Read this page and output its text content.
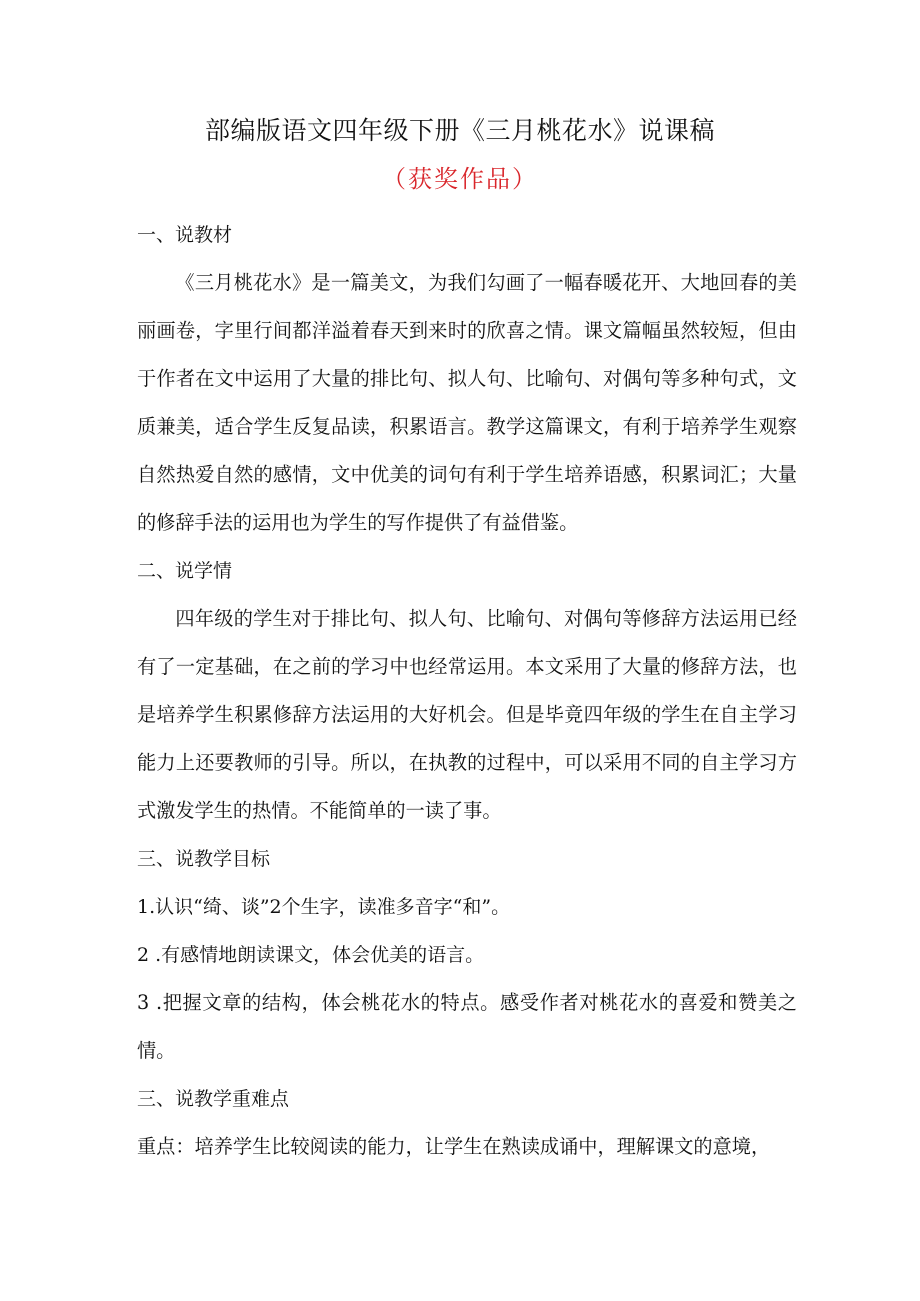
部编版语文四年级下册《三月桃花水》说课稿
（获奖作品）
一、说教材
《三月桃花水》是一篇美文，为我们勾画了一幅春暖花开、大地回春的美丽画卷，字里行间都洋溢着春天到来时的欣喜之情。课文篇幅虽然较短，但由于作者在文中运用了大量的排比句、拟人句、比喻句、对偶句等多种句式，文质兼美，适合学生反复品读，积累语言。教学这篇课文，有利于培养学生观察自然热爱自然的感情，文中优美的词句有利于学生培养语感，积累词汇；大量的修辞手法的运用也为学生的写作提供了有益借鉴。
二、说学情
四年级的学生对于排比句、拟人句、比喻句、对偶句等修辞方法运用已经有了一定基础，在之前的学习中也经常运用。本文采用了大量的修辞方法，也是培养学生积累修辞方法运用的大好机会。但是毕竟四年级的学生在自主学习能力上还要教师的引导。所以，在执教的过程中，可以采用不同的自主学习方式激发学生的热情。不能简单的一读了事。
三、说教学目标
1.认识“绮、谈”2个生字，读准多音字“和”。
2 .有感情地朗读课文，体会优美的语言。
3 .把握文章的结构，体会桃花水的特点。感受作者对桃花水的喜爱和赞美之情。
三、说教学重难点
重点：培养学生比较阅读的能力，让学生在熟读成诵中，理解课文的意境，
